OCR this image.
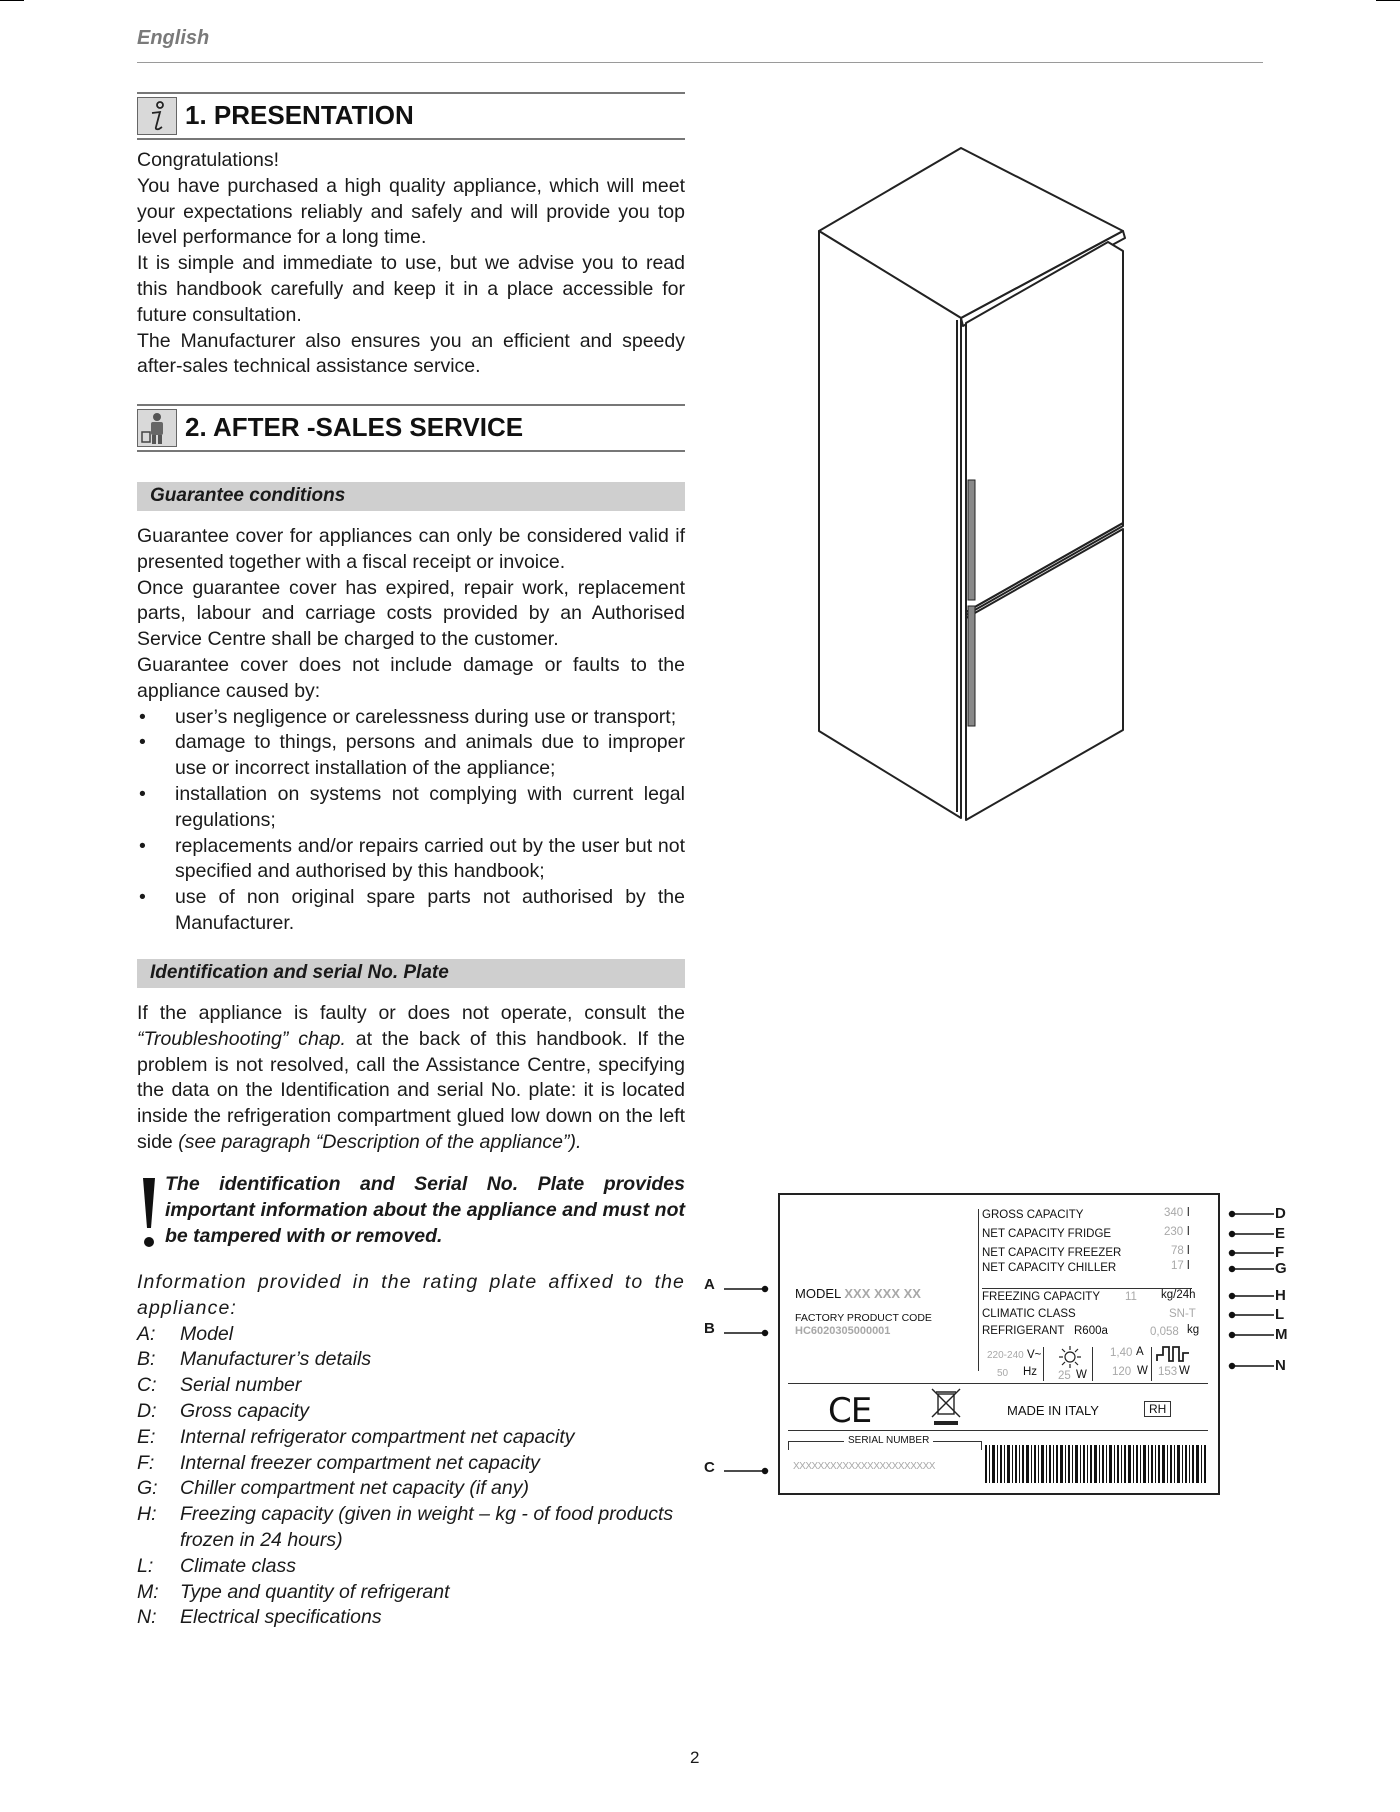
English
1. PRESENTATION

Congratulations!

You have purchased a high quality appliance, which will meet your expectations reliably and safely and will provide you top level performance for a long time.

It is simple and immediate to use, but we advise you to read this handbook carefully and keep it in a place accessible for future consultation.

The Manufacturer also ensures you an efficient and speedy after-sales technical assistance service.

2. AFTER -SALES SERVICE
Guarantee conditions

Guarantee cover for appliances can only be considered valid if presented together with a fiscal receipt or invoice.

Once guarantee cover has expired, repair work, replacement parts, labour and carriage costs provided by an Authorised Service Centre shall be charged to the customer.

Guarantee cover does not include damage or faults to the appliance caused by:

• user’s negligence or carelessness during use or transport;
• damage to things, persons and animals due to improper use or incorrect installation of the appliance;
• installation on systems not complying with current legal regulations;
• replacements and/or repairs carried out by the user but not specified and authorised by this handbook;
• use of non original spare parts not authorised by the Manufacturer.
Identification and serial No. Plate

If the appliance is faulty or does not operate, consult the “Troubleshooting” chap. at the back of this handbook. If the problem is not resolved, call the Assistance Centre, specifying the data on the Identification and serial No. plate: it is located inside the refrigeration compartment glued low down on the left side (see paragraph “Description of the appliance”).

The identification and Serial No. Plate provides important information about the appliance and must not be tampered with or removed.
Information provided in the rating plate affixed to the appliance:
A:	Model
B:	Manufacturer’s details
C:	Serial number
D:	Gross capacity
E:	Internal refrigerator compartment net capacity
F:	Internal freezer compartment net capacity
G:	Chiller compartment net capacity (if any)
H:	Freezing capacity (given in weight – kg - of food products frozen in 24 hours)
L:	Climate class
M:	Type and quantity of refrigerant
N:	Electrical specifications
A
B
C
D
E
F
G
H
L
M
N
GROSS CAPACITY	340 l
NET CAPACITY FRIDGE	230 l
NET CAPACITY FREEZER	78 l
NET CAPACITY CHILLER	17 l
FREEZING CAPACITY 11 kg/24h
CLIMATIC CLASS	SN-T
REFRIGERANT R600a	0,058 kg
220-240 V~
50 Hz 25 W
1,40 A
120 W 153 W
MODEL XXX XXX XX
FACTORY PRODUCT CODE
HC6020305000001
CE	MADE IN ITALY	RH
SERIAL NUMBER
XXXXXXXXXXXXXXXXXXXXXXX
2
